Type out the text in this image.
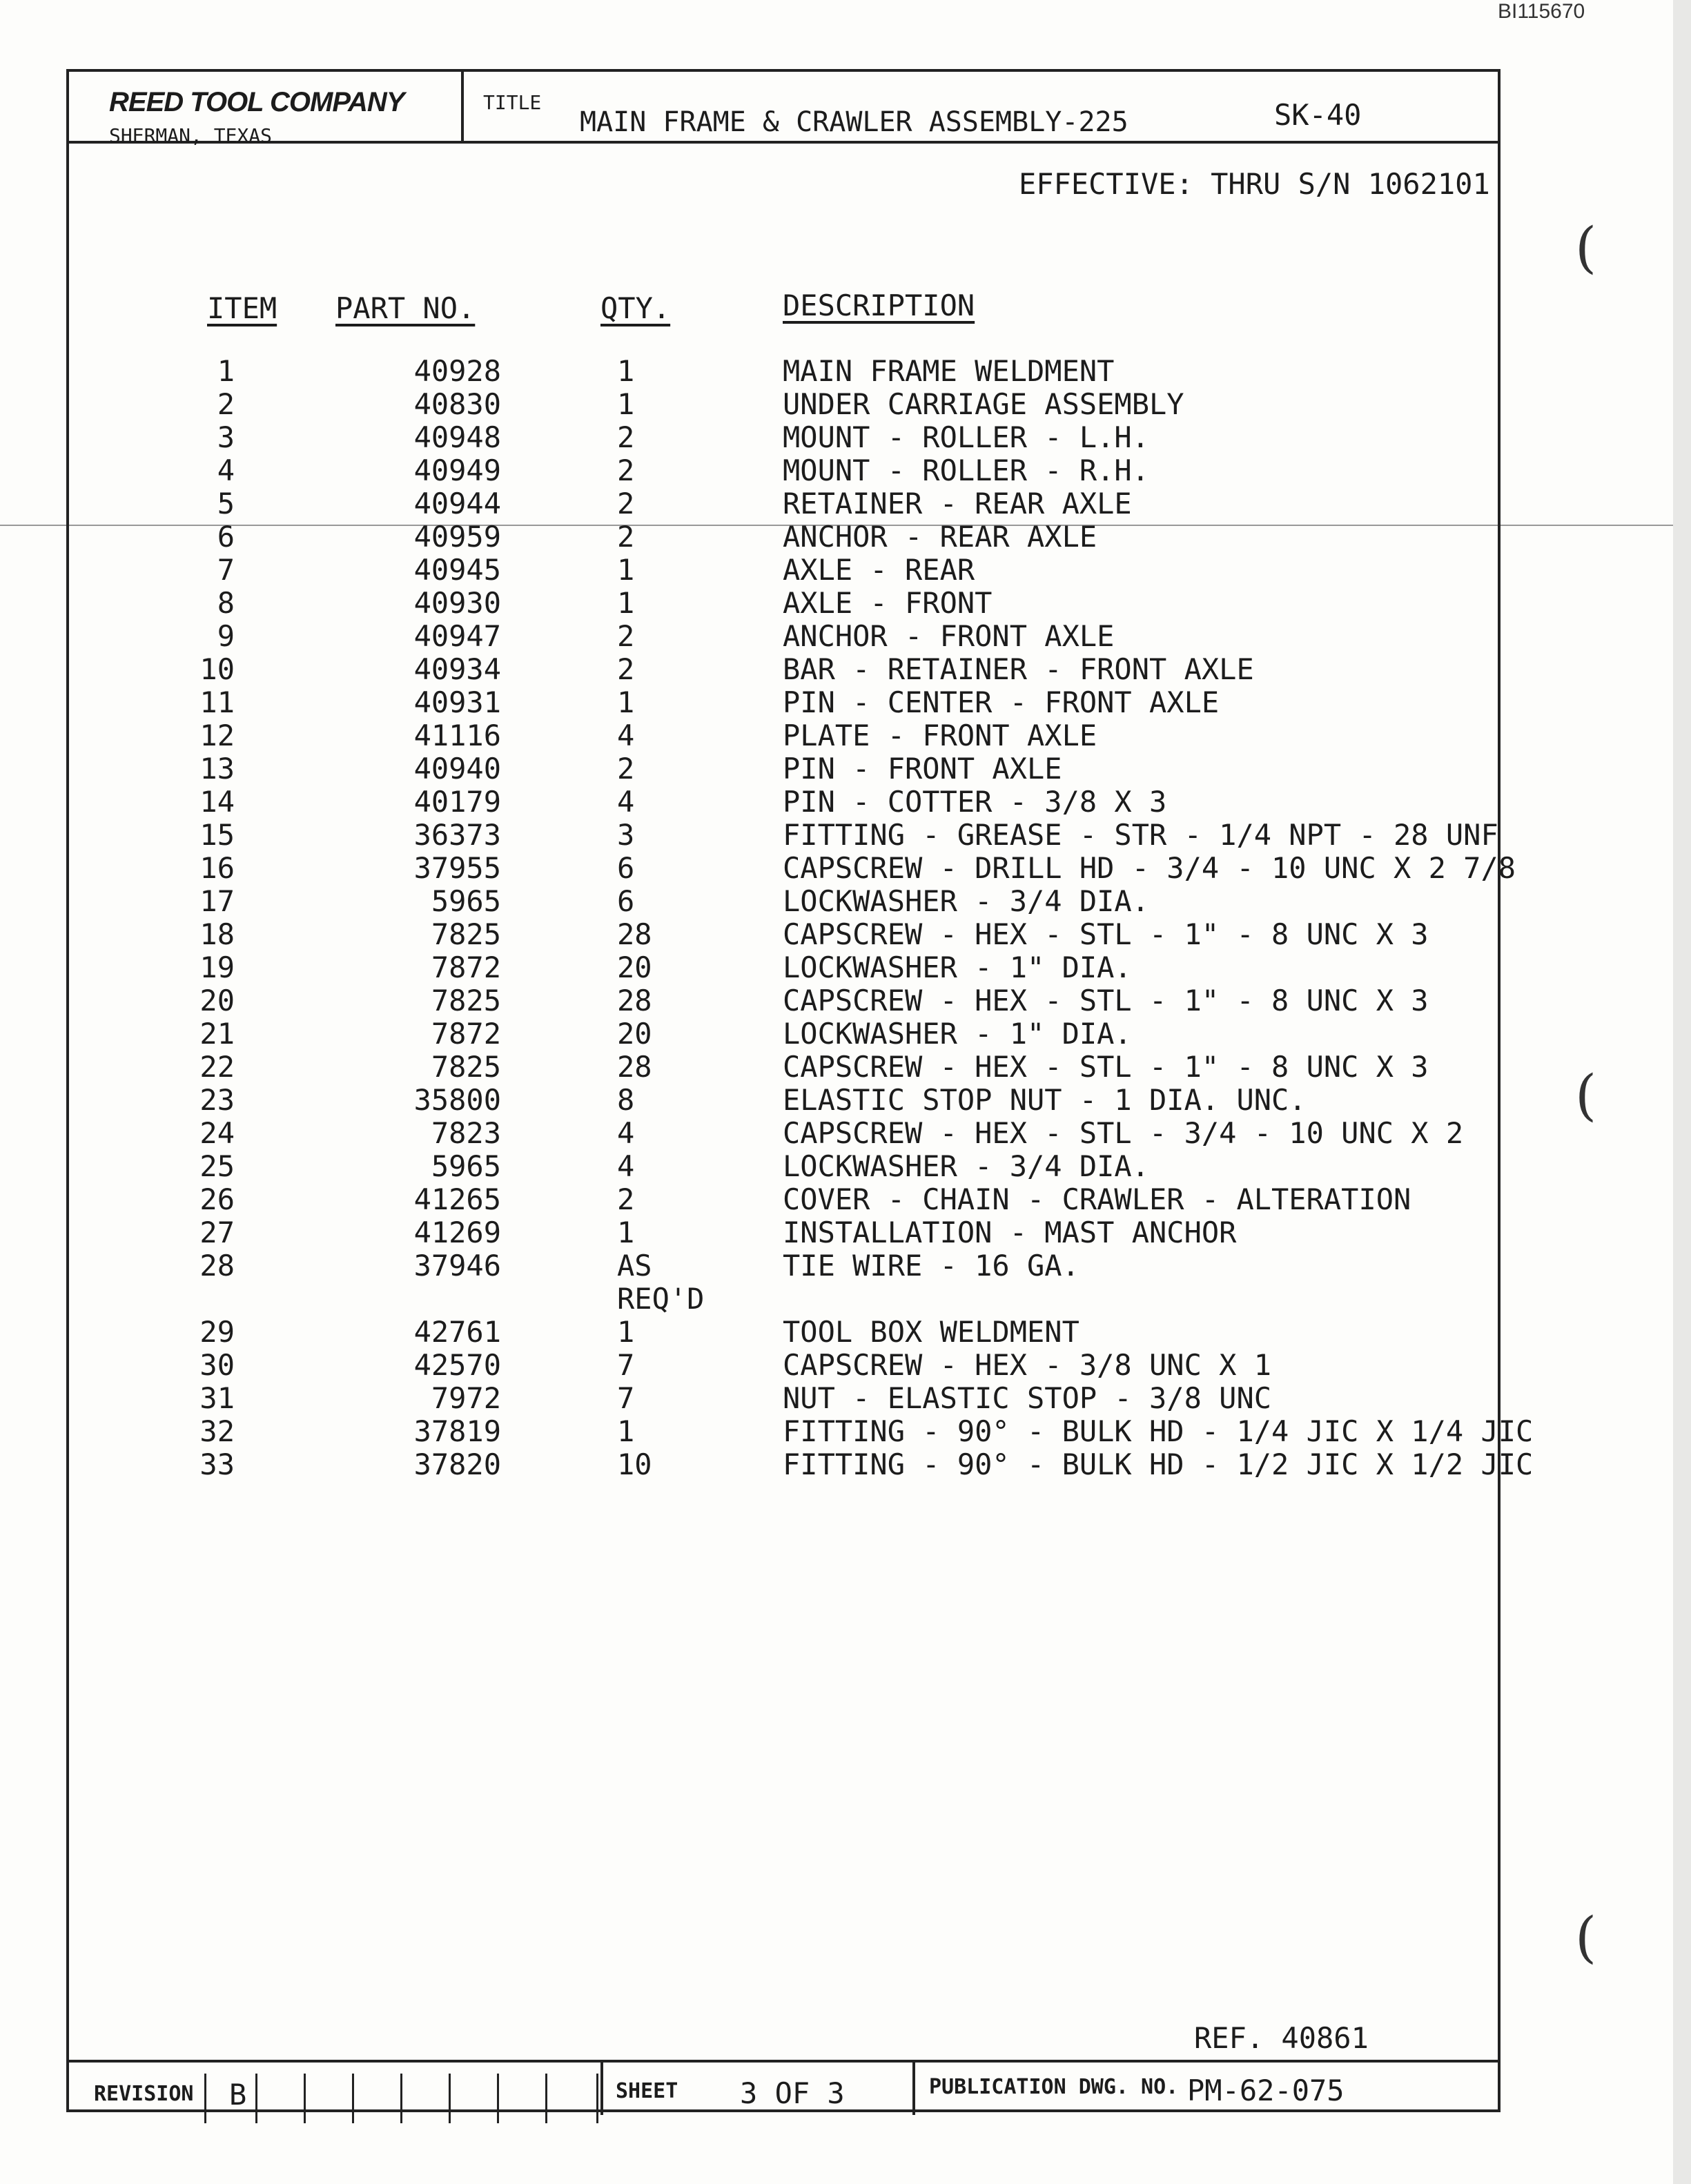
BI115670
REED TOOL COMPANY
SHERMAN, TEXAS
TITLE
MAIN FRAME & CRAWLER ASSEMBLY-225	SK-40
EFFECTIVE: THRU S/N 1062101
ITEM PART NO.	QTY.	DESCRIPTION
1	40928	1	MAIN FRAME WELDMENT
2	40830	1	UNDER CARRIAGE ASSEMBLY
3	40948	2	MOUNT - ROLLER - L.H.
4	40949	2	MOUNT - ROLLER - R.H.
5	40944	2	RETAINER - REAR AXLE
6	40959	2	ANCHOR - REAR AXLE
7	40945	1	AXLE - REAR
8	40930	1	AXLE - FRONT
9	40947	2	ANCHOR - FRONT AXLE
10	40934	2	BAR - RETAINER - FRONT AXLE
11	40931	1	PIN - CENTER - FRONT AXLE
12	41116	4	PLATE - FRONT AXLE
13	40940	2	PIN - FRONT AXLE
14	40179	4	PIN - COTTER - 3/8 X 3
15	36373	3	FITTING - GREASE - STR - 1/4 NPT - 28 UNF
16	37955	6	CAPSCREW - DRILL HD - 3/4 - 10 UNC X 2 7/8
17	5965	6	LOCKWASHER - 3/4 DIA.
18	7825	28	CAPSCREW - HEX - STL - 1" - 8 UNC X 3
19	7872	20	LOCKWASHER - 1" DIA.
20	7825	28	CAPSCREW - HEX - STL - 1" - 8 UNC X 3
21	7872	20	LOCKWASHER - 1" DIA.
22	7825	28	CAPSCREW - HEX - STL - 1" - 8 UNC X 3
23	35800	8	ELASTIC STOP NUT - 1 DIA. UNC.
24	7823	4	CAPSCREW - HEX - STL - 3/4 - 10 UNC X 2
25	5965	4	LOCKWASHER - 3/4 DIA.
26	41265	2	COVER - CHAIN - CRAWLER - ALTERATION
27	41269	1	INSTALLATION - MAST ANCHOR
28	37946	AS	TIE WIRE - 16 GA.
REQ'D
29	42761	1	TOOL BOX WELDMENT
30	42570	7	CAPSCREW - HEX - 3/8 UNC X 1
31	7972	7	NUT - ELASTIC STOP - 3/8 UNC
32	37819	1	FITTING - 90° - BULK HD - 1/4 JIC X 1/4 JIC
33	37820	10	FITTING - 90° - BULK HD - 1/2 JIC X 1/2 JIC
REF. 40861
REVISION B	SHEET 3 OF 3	PUBLICATION DWG. NO. PM-62-075
(
(
(
